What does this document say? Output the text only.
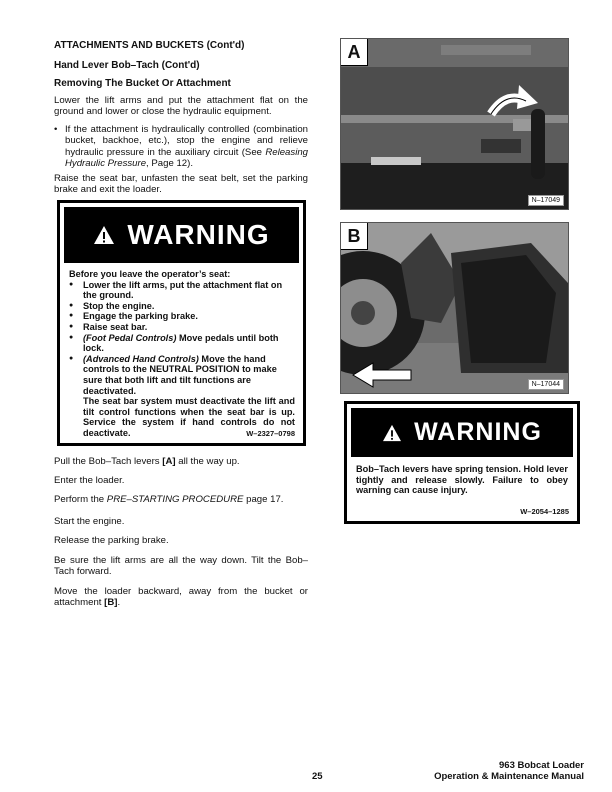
ATTACHMENTS AND BUCKETS (Cont'd)

Hand Lever Bob–Tach (Cont'd)

Removing The Bucket Or Attachment

Lower the lift arms and put the attachment flat on the ground and lower or close the hydraulic equipment.

• If the attachment is hydraulically controlled (combination bucket, backhoe, etc.), stop the engine and relieve hydraulic pressure in the auxiliary circuit (See Releasing Hydraulic Pressure, Page 12).

Raise the seat bar, unfasten the seat belt, set the parking brake and exit the loader.

WARNING
Before you leave the operator’s seat:
● Lower the lift arms, put the attachment flat on the ground.
● Stop the engine.
● Engage the parking brake.
● Raise seat bar.
● (Foot Pedal Controls) Move pedals until both lock.
● (Advanced Hand Controls) Move the hand controls to the NEUTRAL POSITION to make sure that both lift and tilt functions are deactivated.
The seat bar system must deactivate the lift and tilt control functions when the seat bar is up. Service the system if hand controls do not deactivate.	W–2327–0798

Pull the Bob–Tach levers [A] all the way up.

Enter the loader.

Perform the PRE–STARTING PROCEDURE page 17.

Start the engine.

Release the parking brake.

Be sure the lift arms are all the way down. Tilt the Bob–Tach forward.

Move the loader backward, away from the bucket or attachment [B].

A
N–17049
B
N–17044
WARNING
Bob–Tach levers have spring tension. Hold lever tightly and release slowly. Failure to obey warning can cause injury.
W–2054–1285
25
963 Bobcat Loader
Operation & Maintenance Manual
